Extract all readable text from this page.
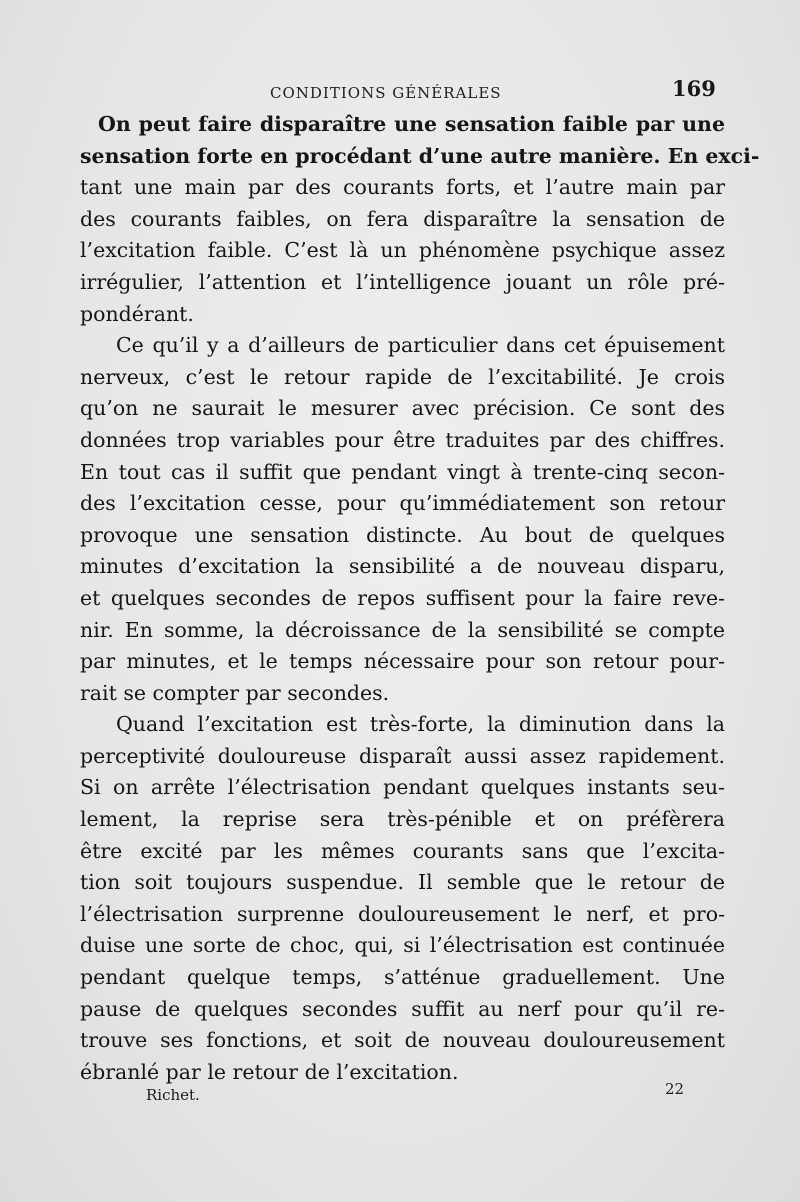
CONDITIONS GÉNÉRALES	169
On peut faire disparaître une sensation faible par une
sensation forte en procédant d’une autre manière. En exci-
tant une main par des courants forts, et l’autre main par
des courants faibles, on fera disparaître la sensation de
l’excitation faible. C’est là un phénomène psychique assez
irrégulier, l’attention et l’intelligence jouant un rôle pré-
pondérant.
Ce qu’il y a d’ailleurs de particulier dans cet épuisement
nerveux, c’est le retour rapide de l’excitabilité. Je crois
qu’on ne saurait le mesurer avec précision. Ce sont des
données trop variables pour être traduites par des chiffres.
En tout cas il suffit que pendant vingt à trente-cinq secon-
des l’excitation cesse, pour qu’immédiatement son retour
provoque une sensation distincte. Au bout de quelques
minutes d’excitation la sensibilité a de nouveau disparu,
et quelques secondes de repos suffisent pour la faire reve-
nir. En somme, la décroissance de la sensibilité se compte
par minutes, et le temps nécessaire pour son retour pour-
rait se compter par secondes.
Quand l’excitation est très-forte, la diminution dans la
perceptivité douloureuse disparaît aussi assez rapidement.
Si on arrête l’électrisation pendant quelques instants seu-
lement, la reprise sera très-pénible et on préfèrera
être excité par les mêmes courants sans que l’excita-
tion soit toujours suspendue. Il semble que le retour de
l’électrisation surprenne douloureusement le nerf, et pro-
duise une sorte de choc, qui, si l’électrisation est continuée
pendant quelque temps, s’atténue graduellement. Une
pause de quelques secondes suffit au nerf pour qu’il re-
trouve ses fonctions, et soit de nouveau douloureusement
ébranlé par le retour de l’excitation.
Richet.	22
